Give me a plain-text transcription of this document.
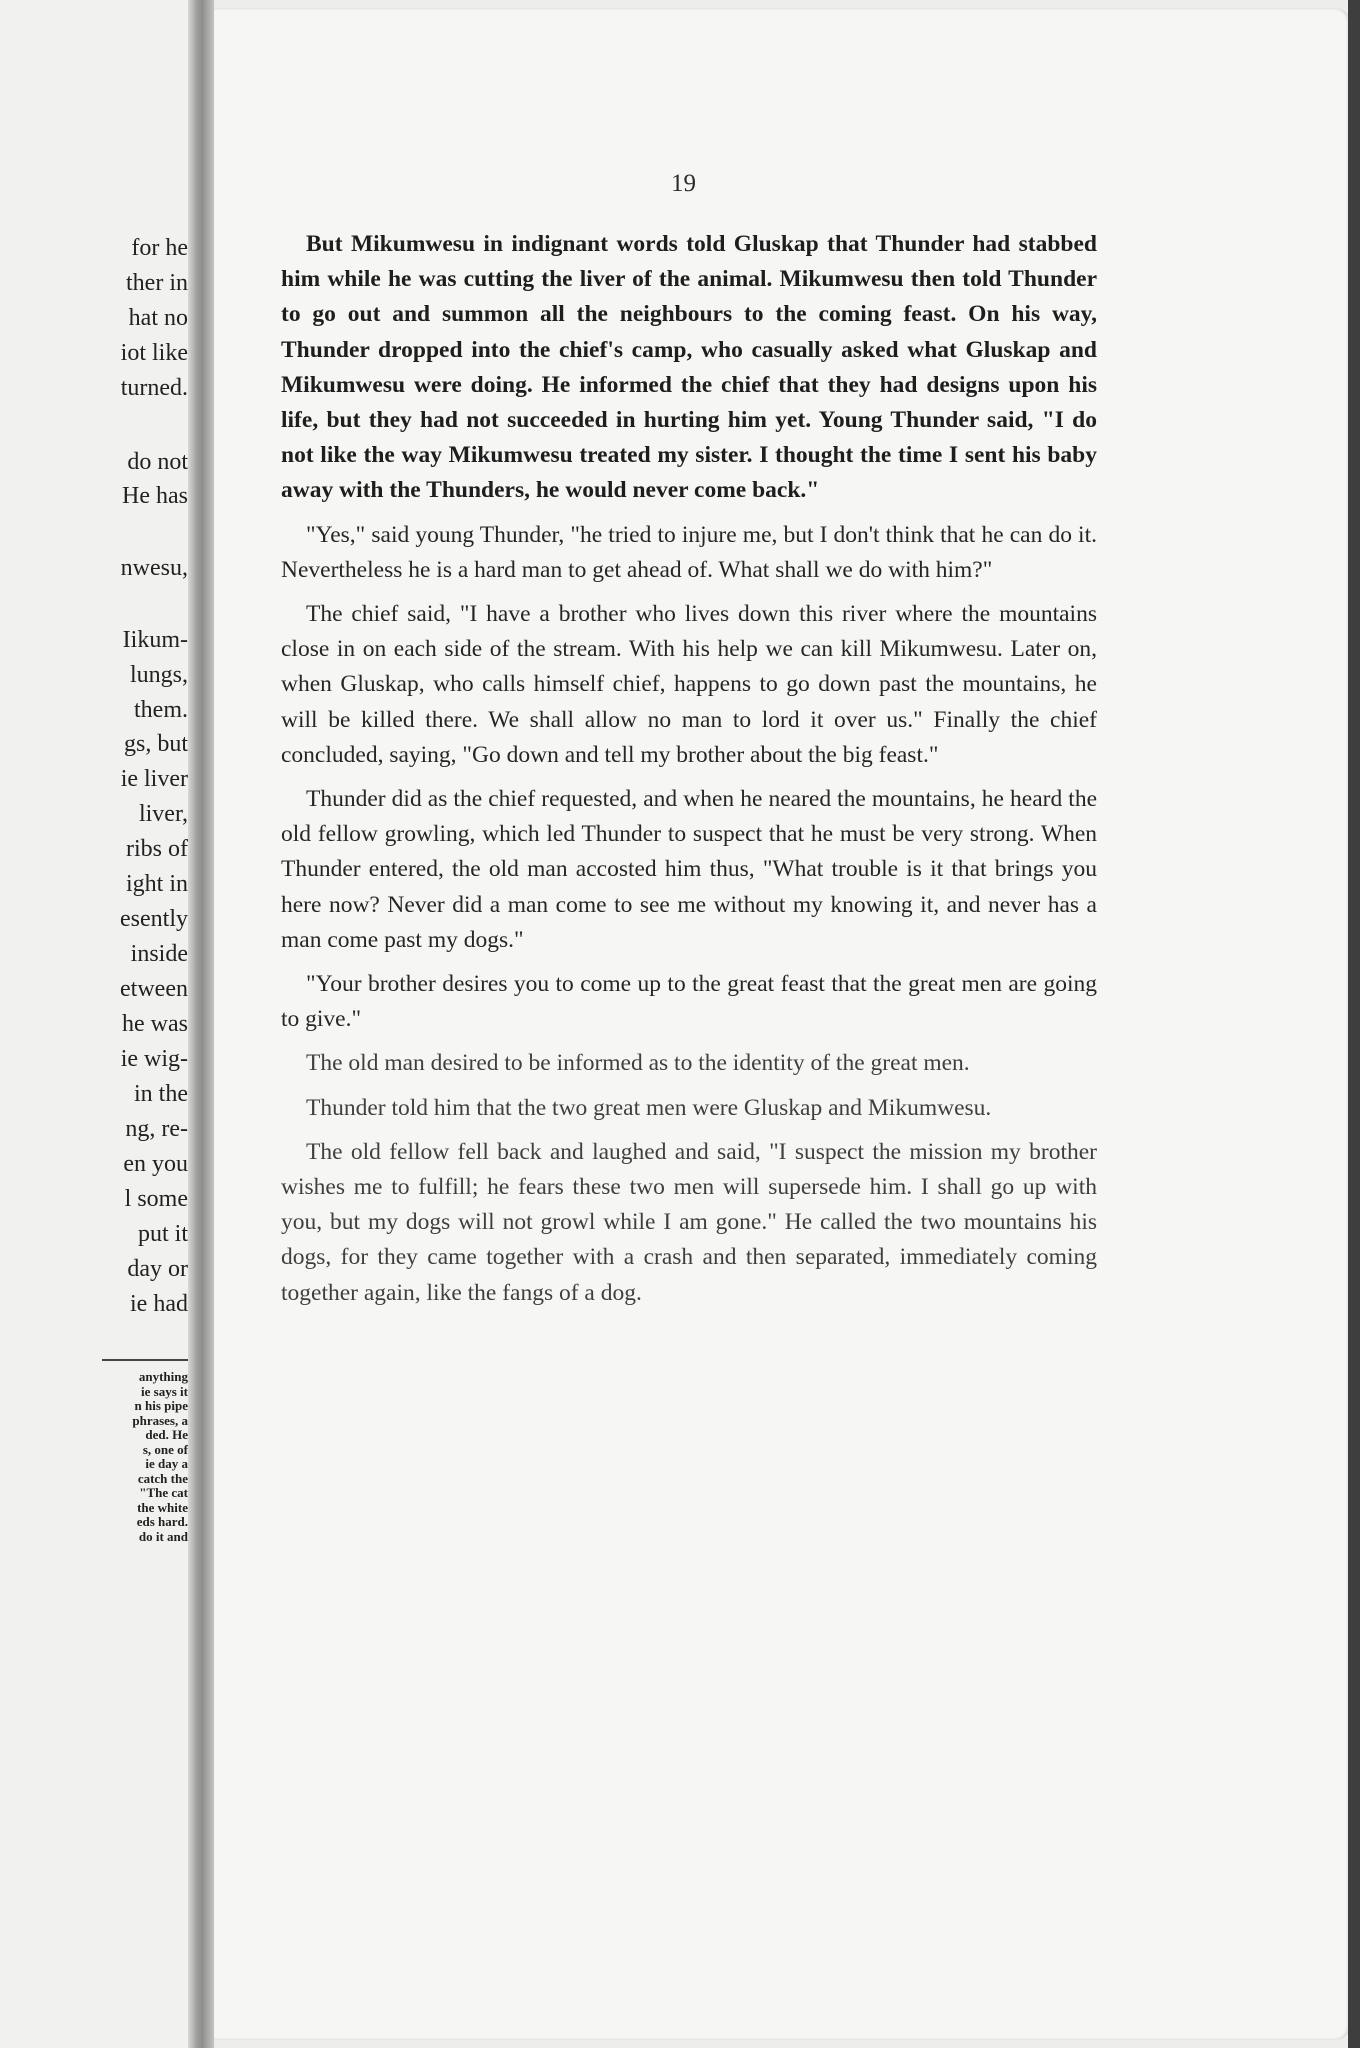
for he
ther in
hat no
iot like
turned.
do not
He has
nwesu,
Iikum-
lungs,
them.
gs, but
ie liver
liver,
ribs of
ight in
esently
inside
etween
he was
ie wig-
in the
ng, re-
en you
l some
put it
day or
ie had
anything
ie says it
n his pipe
phrases, a
ded. He
s, one of
ie day a
catch the
"The cat
the white
eds hard.
do it and
19

But Mikumwesu in indignant words told Gluskap that Thunder had stabbed him while he was cutting the liver of the animal. Mikumwesu then told Thunder to go out and summon all the neighbours to the coming feast. On his way, Thunder dropped into the chief's camp, who casually asked what Gluskap and Mikumwesu were doing. He informed the chief that they had designs upon his life, but they had not succeeded in hurting him yet. Young Thunder said, "I do not like the way Mikumwesu treated my sister. I thought the time I sent his baby away with the Thunders, he would never come back."

"Yes," said young Thunder, "he tried to injure me, but I don't think that he can do it. Nevertheless he is a hard man to get ahead of. What shall we do with him?"

The chief said, "I have a brother who lives down this river where the mountains close in on each side of the stream. With his help we can kill Mikumwesu. Later on, when Gluskap, who calls himself chief, happens to go down past the mountains, he will be killed there. We shall allow no man to lord it over us." Finally the chief concluded, saying, "Go down and tell my brother about the big feast."

Thunder did as the chief requested, and when he neared the mountains, he heard the old fellow growling, which led Thunder to suspect that he must be very strong. When Thunder entered, the old man accosted him thus, "What trouble is it that brings you here now? Never did a man come to see me without my knowing it, and never has a man come past my dogs."

"Your brother desires you to come up to the great feast that the great men are going to give."

The old man desired to be informed as to the identity of the great men.

Thunder told him that the two great men were Gluskap and Mikumwesu.

The old fellow fell back and laughed and said, "I suspect the mission my brother wishes me to fulfill; he fears these two men will supersede him. I shall go up with you, but my dogs will not growl while I am gone." He called the two mountains his dogs, for they came together with a crash and then separated, immediately coming together again, like the fangs of a dog.
